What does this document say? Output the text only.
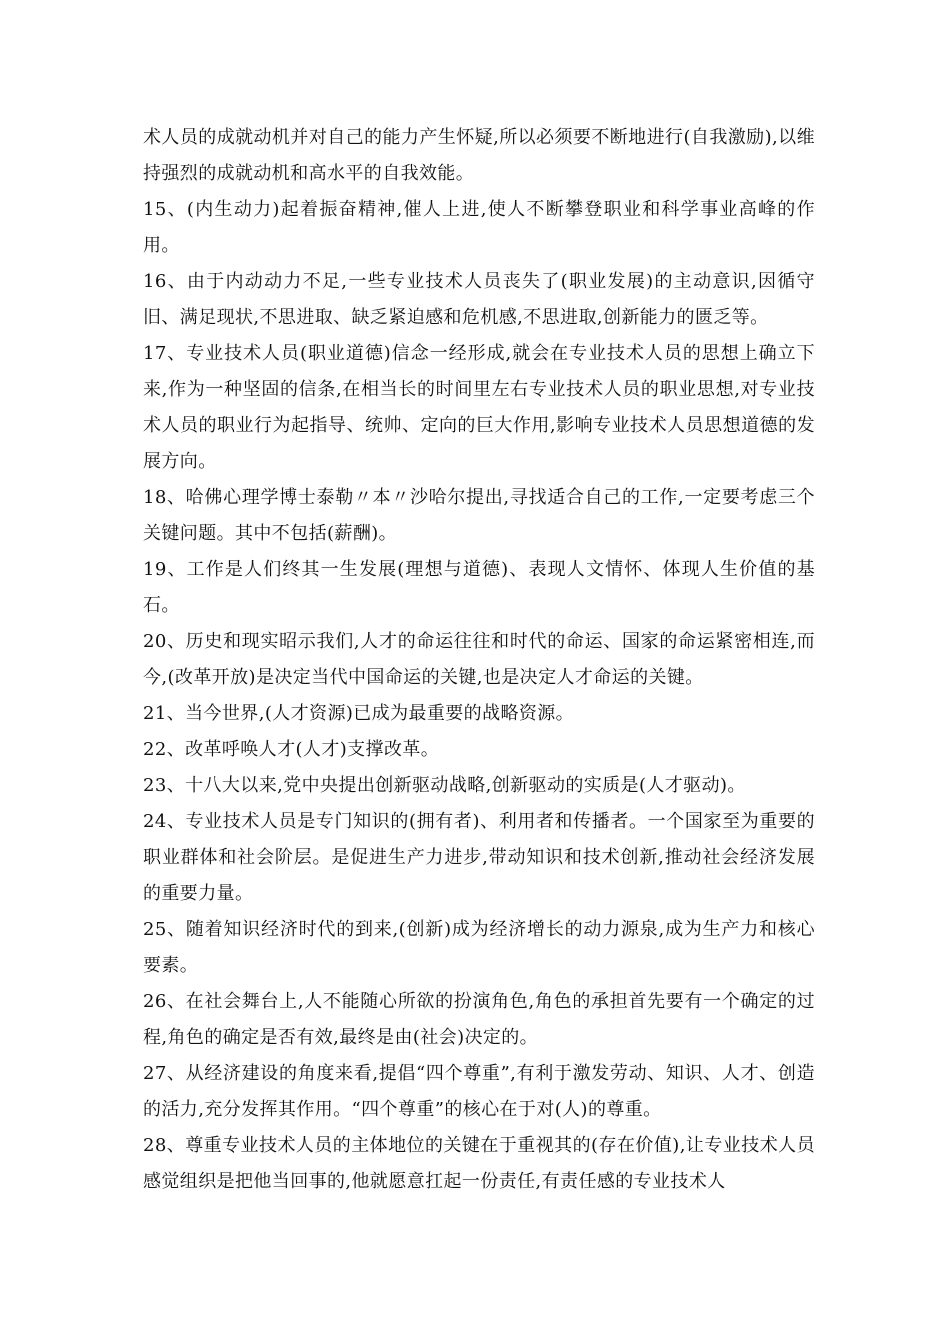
术人员的成就动机并对自己的能力产生怀疑,所以必须要不断地进行(自我激励),以维持强烈的成就动机和高水平的自我效能。

15、(内生动力)起着振奋精神,催人上进,使人不断攀登职业和科学事业高峰的作用。

16、由于内动动力不足,一些专业技术人员丧失了(职业发展)的主动意识,因循守旧、满足现状,不思进取、缺乏紧迫感和危机感,不思进取,创新能力的匮乏等。

17、专业技术人员(职业道德)信念一经形成,就会在专业技术人员的思想上确立下来,作为一种坚固的信条,在相当长的时间里左右专业技术人员的职业思想,对专业技术人员的职业行为起指导、统帅、定向的巨大作用,影响专业技术人员思想道德的发展方向。

18、哈佛心理学博士泰勒〃本〃沙哈尔提出,寻找适合自己的工作,一定要考虑三个关键问题。其中不包括(薪酬)。

19、工作是人们终其一生发展(理想与道德)、表现人文情怀、体现人生价值的基石。

20、历史和现实昭示我们,人才的命运往往和时代的命运、国家的命运紧密相连,而今,(改革开放)是决定当代中国命运的关键,也是决定人才命运的关键。

21、当今世界,(人才资源)已成为最重要的战略资源。

22、改革呼唤人才(人才)支撑改革。

23、十八大以来,党中央提出创新驱动战略,创新驱动的实质是(人才驱动)。

24、专业技术人员是专门知识的(拥有者)、利用者和传播者。一个国家至为重要的职业群体和社会阶层。是促进生产力进步,带动知识和技术创新,推动社会经济发展的重要力量。

25、随着知识经济时代的到来,(创新)成为经济增长的动力源泉,成为生产力和核心要素。

26、在社会舞台上,人不能随心所欲的扮演角色,角色的承担首先要有一个确定的过程,角色的确定是否有效,最终是由(社会)决定的。

27、从经济建设的角度来看,提倡“四个尊重”,有利于激发劳动、知识、人才、创造的活力,充分发挥其作用。“四个尊重”的核心在于对(人)的尊重。

28、尊重专业技术人员的主体地位的关键在于重视其的(存在价值),让专业技术人员感觉组织是把他当回事的,他就愿意扛起一份责任,有责任感的专业技术人
